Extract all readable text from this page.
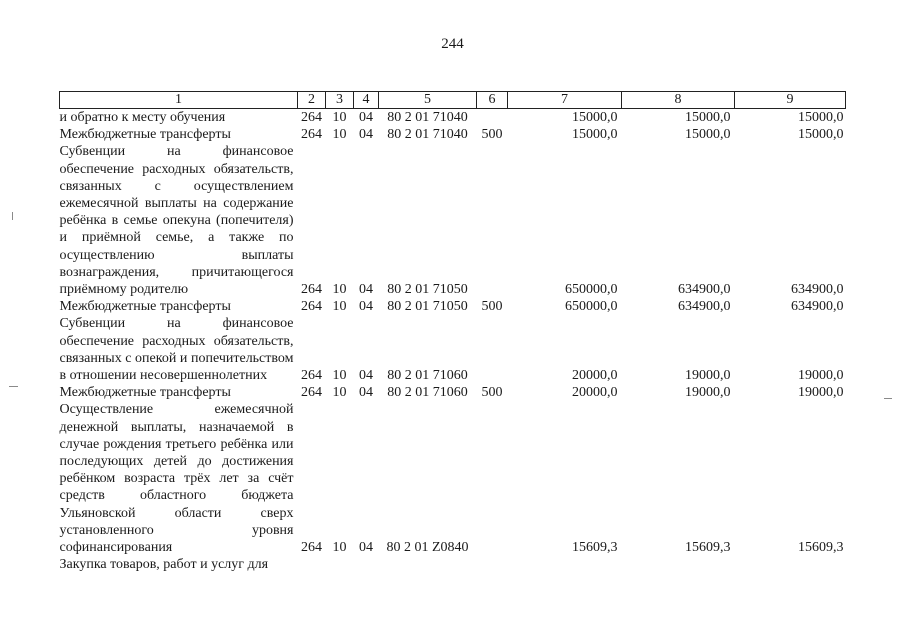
244
1	2	3	4	5	6	7	8	9
и обратно к месту обучения	264	10	04	80 2 01 71040		15000,0	15000,0	15000,0
Межбюджетные трансферты	264	10	04	80 2 01 71040	500	15000,0	15000,0	15000,0
Субвенции на финансовое обеспечение расходных обязательств, связанных с осуществлением ежемесячной выплаты на содержание ребёнка в семье опекуна (попечителя) и приёмной семье, а также по осуществлению выплаты вознаграждения, причитающегося приёмному родителю	264	10	04	80 2 01 71050		650000,0	634900,0	634900,0
Межбюджетные трансферты	264	10	04	80 2 01 71050	500	650000,0	634900,0	634900,0
Субвенции на финансовое обеспечение расходных обязательств, связанных с опекой и попечительством в отношении несовершеннолетних	264	10	04	80 2 01 71060		20000,0	19000,0	19000,0
Межбюджетные трансферты	264	10	04	80 2 01 71060	500	20000,0	19000,0	19000,0
Осуществление ежемесячной денежной выплаты, назначаемой в случае рождения третьего ребёнка или последующих детей до достижения ребёнком возраста трёх лет за счёт средств областного бюджета Ульяновской области сверх установленного уровня софинансирования	264	10	04	80 2 01 Z0840		15609,3	15609,3	15609,3
Закупка товаров, работ и услуг для								
